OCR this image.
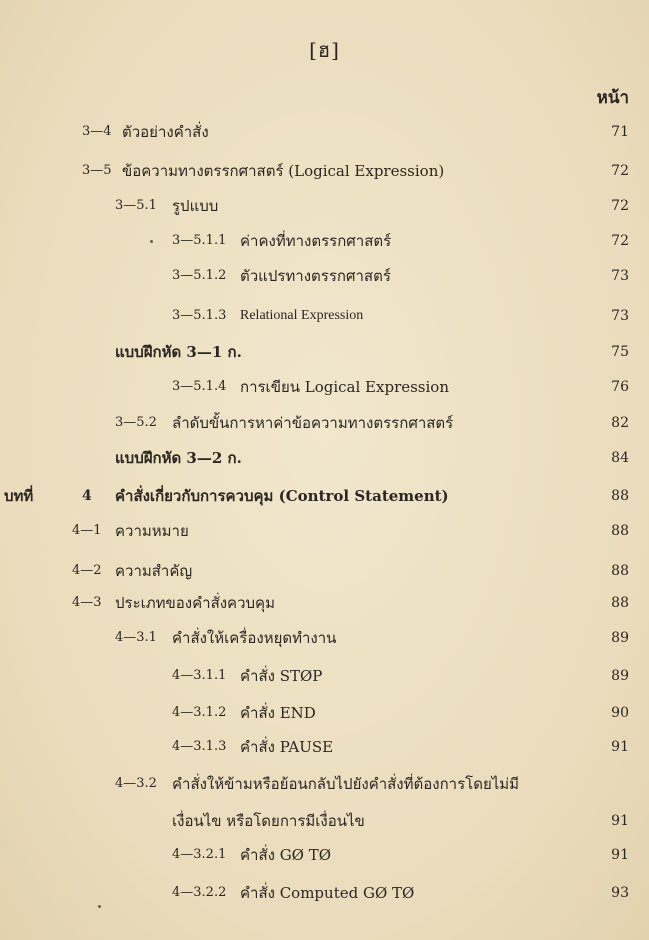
[ฮ]
หน้า
3—4 ตัวอย่างคำสั่ง	71
3—5 ข้อความทางตรรกศาสตร์ (Logical Expression)	72
3—5.1 รูปแบบ	72
3—5.1.1 ค่าคงที่ทางตรรกศาสตร์	72
3—5.1.2 ตัวแปรทางตรรกศาสตร์	73
3—5.1.3 Relational Expression	73
แบบฝึกหัด 3—1 ก.	75
3—5.1.4 การเขียน Logical Expression	76
3—5.2 ลำดับขั้นการหาค่าข้อความทางตรรกศาสตร์	82
แบบฝึกหัด 3—2 ก.	84
บทที่	4 คำสั่งเกี่ยวกับการควบคุม (Control Statement)	88
4—1 ความหมาย	88
4—2 ความสำคัญ	88
4—3 ประเภทของคำสั่งควบคุม	88
4—3.1 คำสั่งให้เครื่องหยุดทำงาน	89
4—3.1.1 คำสั่ง STØP	89
4—3.1.2 คำสั่ง END	90
4—3.1.3 คำสั่ง PAUSE	91
4—3.2 คำสั่งให้ข้ามหรือย้อนกลับไปยังคำสั่งที่ต้องการโดยไม่มี
เงื่อนไข หรือโดยการมีเงื่อนไข	91
4—3.2.1 คำสั่ง GØ TØ	91
4—3.2.2 คำสั่ง Computed GØ TØ	93
